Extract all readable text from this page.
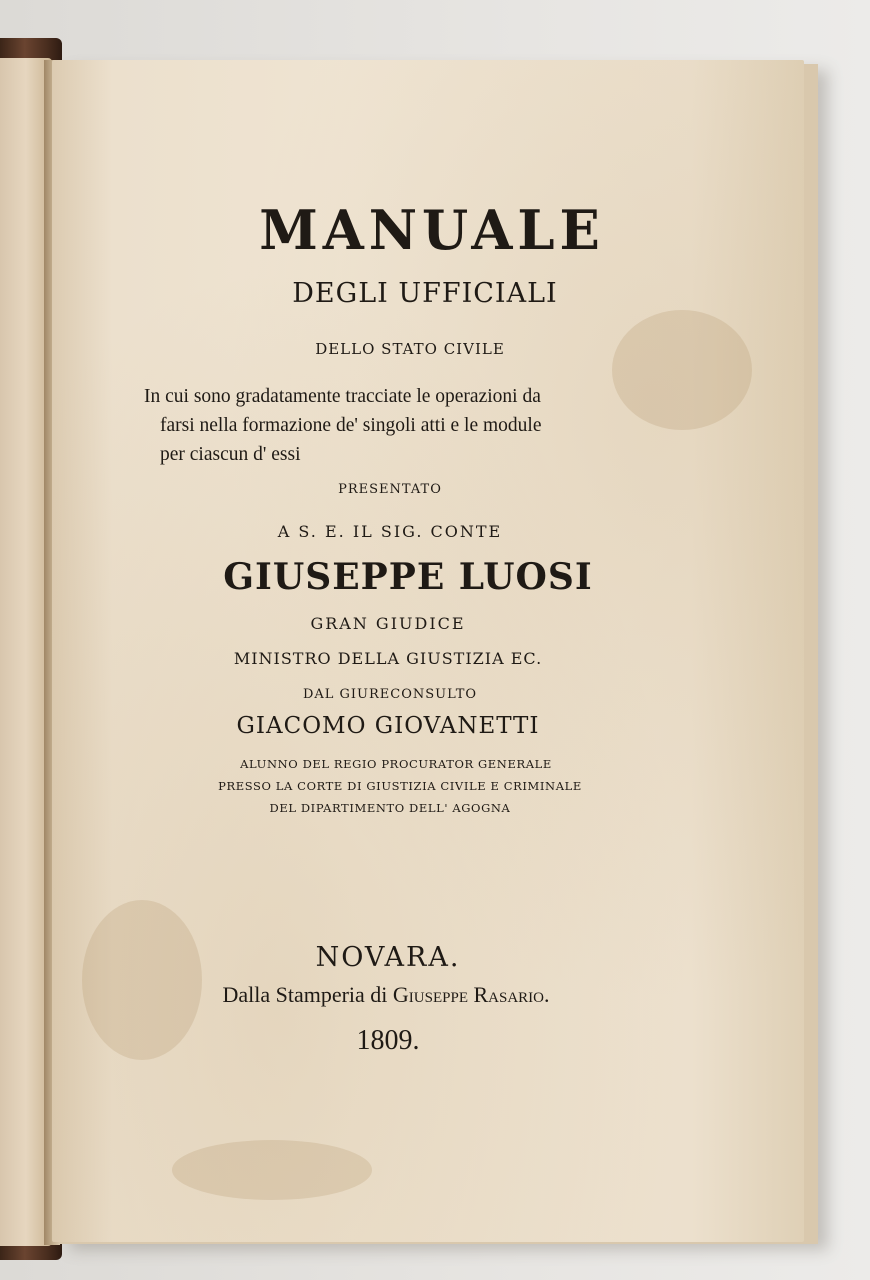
MANUALE
DEGLI UFFICIALI
DELLO STATO CIVILE
In cui sono gradatamente tracciate le operazioni da
farsi nella formazione de' singoli atti e le module
per ciascun d' essi
PRESENTATO
A S. E. IL SIG. CONTE
GIUSEPPE LUOSI
GRAN GIUDICE
MINISTRO DELLA GIUSTIZIA EC.
DAL GIURECONSULTO
GIACOMO GIOVANETTI
ALUNNO DEL REGIO PROCURATOR GENERALE
PRESSO LA CORTE DI GIUSTIZIA CIVILE E CRIMINALE
DEL DIPARTIMENTO DELL' AGOGNA
NOVARA.
Dalla Stamperia di Giuseppe Rasario.
1809.
